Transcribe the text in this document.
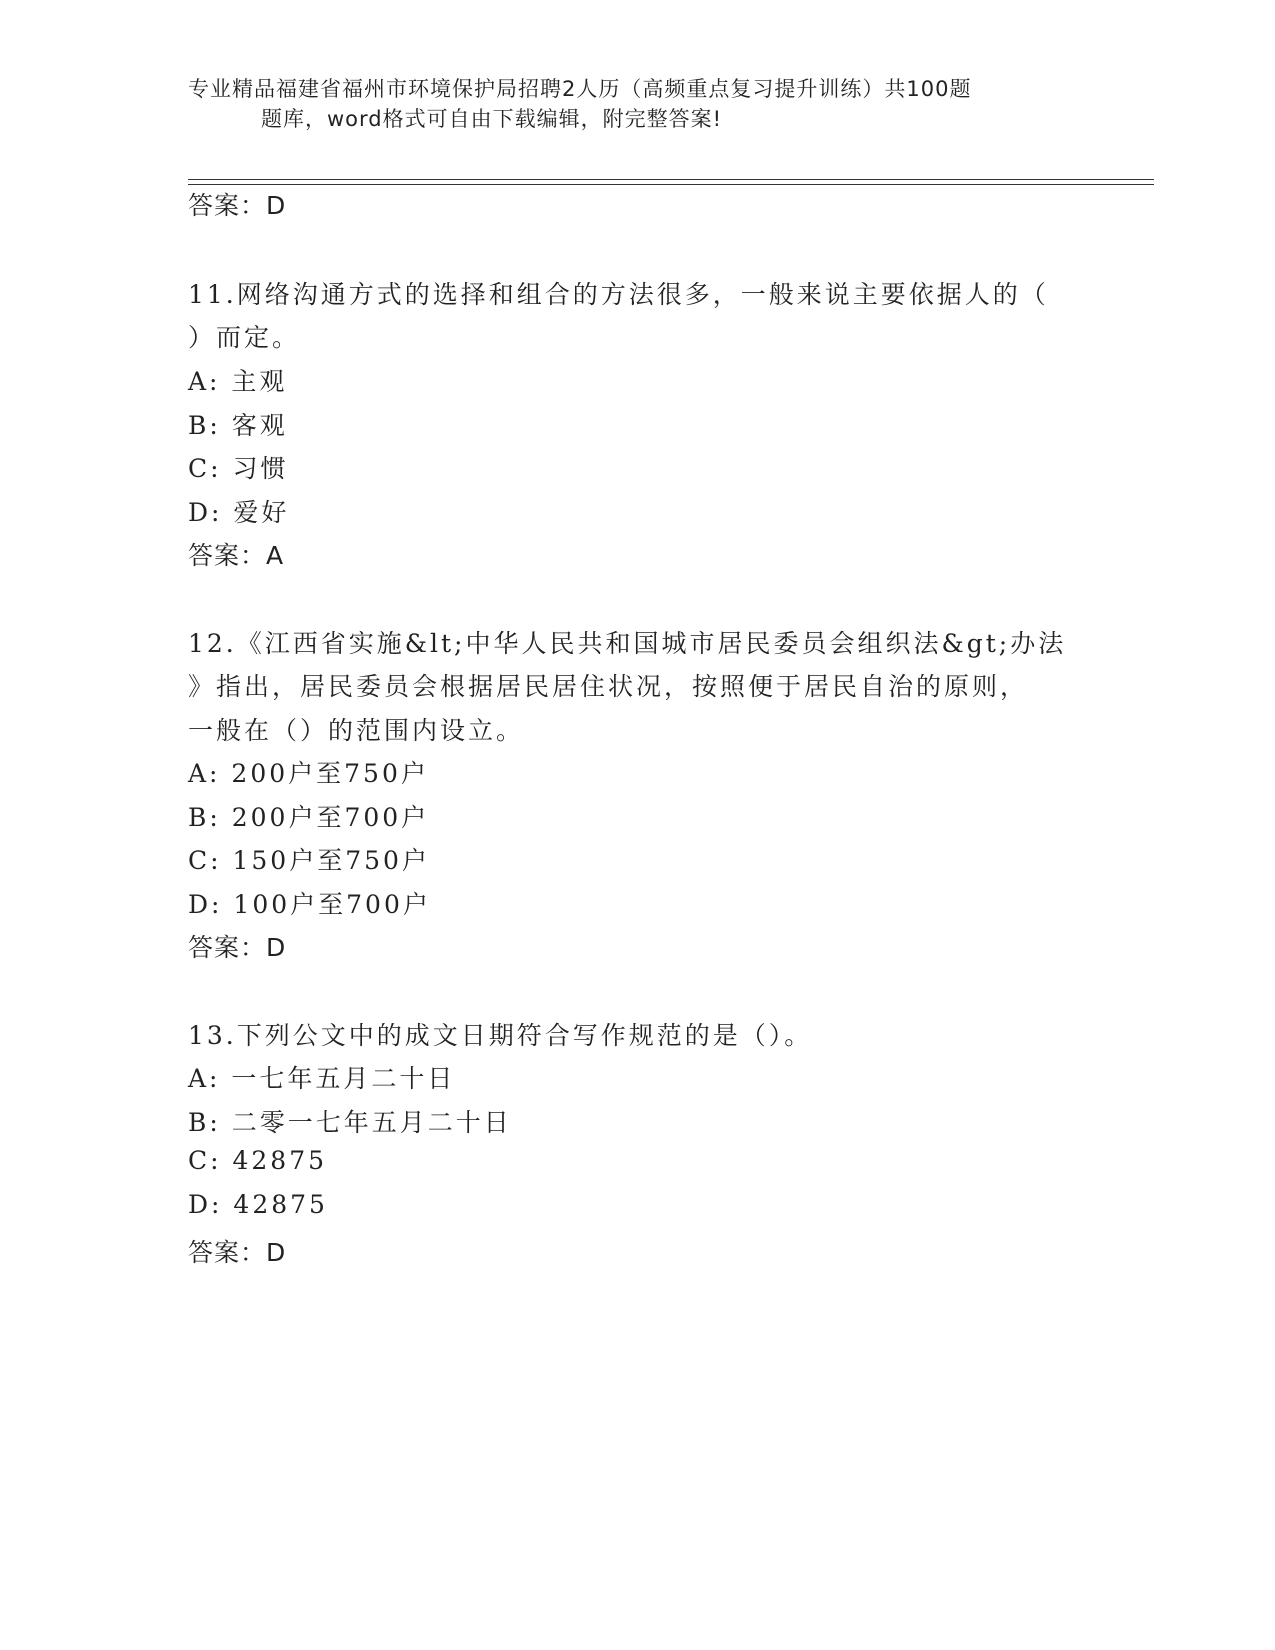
专业精品福建省福州市环境保护局招聘2人历（高频重点复习提升训练）共100题
题库，word格式可自由下载编辑，附完整答案!
答案：D
11.网络沟通方式的选择和组合的方法很多，一般来说主要依据人的（
）而定。
A: 主观
B: 客观
C: 习惯
D: 爱好
答案：A
12.《江西省实施&lt;中华人民共和国城市居民委员会组织法&gt;办法
》指出，居民委员会根据居民居住状况，按照便于居民自治的原则，
一般在（）的范围内设立。
A: 200户至750户
B: 200户至700户
C: 150户至750户
D: 100户至700户
答案：D
13.下列公文中的成文日期符合写作规范的是（）。
A: 一七年五月二十日
B: 二零一七年五月二十日
C: 42875
D: 42875
答案：D
